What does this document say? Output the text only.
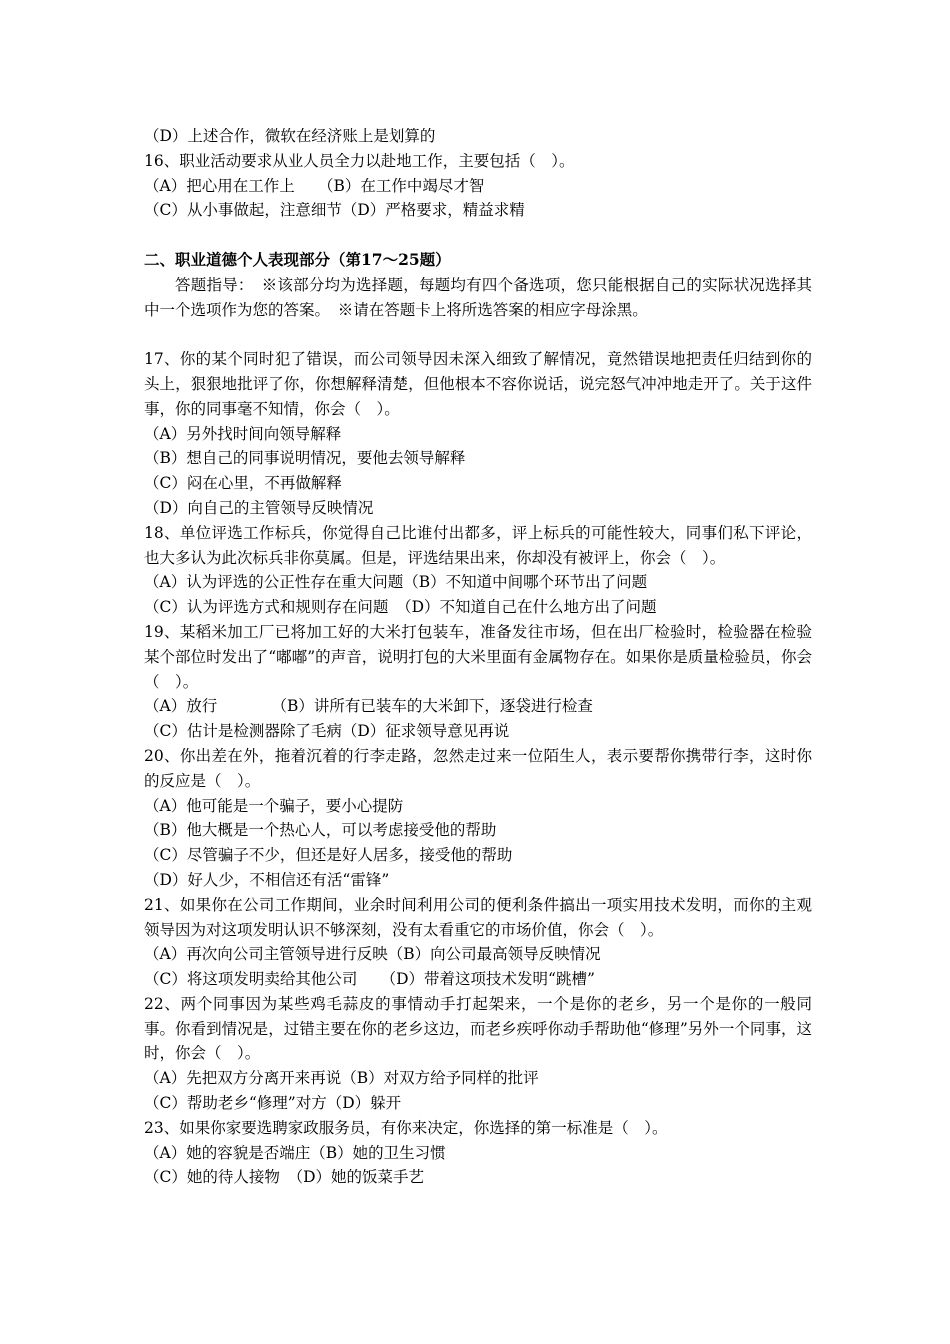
（D）上述合作，微软在经济账上是划算的
16、职业活动要求从业人员全力以赴地工作，主要包括（　）。
（A）把心用在工作上　　（B）在工作中竭尽才智
（C）从小事做起，注意细节（D）严格要求，精益求精
二、职业道德个人表现部分（第17～25题）
答题指导：　※该部分均为选择题，每题均有四个备选项，您只能根据自己的实际状况选择其中一个选项作为您的答案。　※请在答题卡上将所选答案的相应字母涂黑。
17、你的某个同时犯了错误，而公司领导因未深入细致了解情况，竟然错误地把责任归结到你的头上，狠狠地批评了你，你想解释清楚，但他根本不容你说话，说完怒气冲冲地走开了。关于这件事，你的同事毫不知情，你会（　）。
（A）另外找时间向领导解释
（B）想自己的同事说明情况，要他去领导解释
（C）闷在心里，不再做解释
（D）向自己的主管领导反映情况
18、单位评选工作标兵，你觉得自己比谁付出都多，评上标兵的可能性较大，同事们私下评论，也大多认为此次标兵非你莫属。但是，评选结果出来，你却没有被评上，你会（　）。
（A）认为评选的公正性存在重大问题（B）不知道中间哪个环节出了问题
（C）认为评选方式和规则存在问题　（D）不知道自己在什么地方出了问题
19、某稻米加工厂已将加工好的大米打包装车，准备发往市场，但在出厂检验时，检验器在检验某个部位时发出了“嘟嘟”的声音，说明打包的大米里面有金属物存在。如果你是质量检验员，你会（　）。
（A）放行　　　　（B）讲所有已装车的大米卸下，逐袋进行检查
（C）估计是检测器除了毛病（D）征求领导意见再说
20、你出差在外，拖着沉着的行李走路，忽然走过来一位陌生人，表示要帮你携带行李，这时你的反应是（　）。
（A）他可能是一个骗子，要小心提防
（B）他大概是一个热心人，可以考虑接受他的帮助
（C）尽管骗子不少，但还是好人居多，接受他的帮助
（D）好人少，不相信还有活“雷锋”
21、如果你在公司工作期间，业余时间利用公司的便利条件搞出一项实用技术发明，而你的主观领导因为对这项发明认识不够深刻，没有太看重它的市场价值，你会（　）。
（A）再次向公司主管领导进行反映（B）向公司最高领导反映情况
（C）将这项发明卖给其他公司　　（D）带着这项技术发明“跳槽”
22、两个同事因为某些鸡毛蒜皮的事情动手打起架来，一个是你的老乡，另一个是你的一般同事。你看到情况是，过错主要在你的老乡这边，而老乡疾呼你动手帮助他“修理”另外一个同事，这时，你会（　）。
（A）先把双方分离开来再说（B）对双方给予同样的批评
（C）帮助老乡“修理”对方（D）躲开
23、如果你家要选聘家政服务员，有你来决定，你选择的第一标准是（　）。
（A）她的容貌是否端庄（B）她的卫生习惯
（C）她的待人接物　（D）她的饭菜手艺
